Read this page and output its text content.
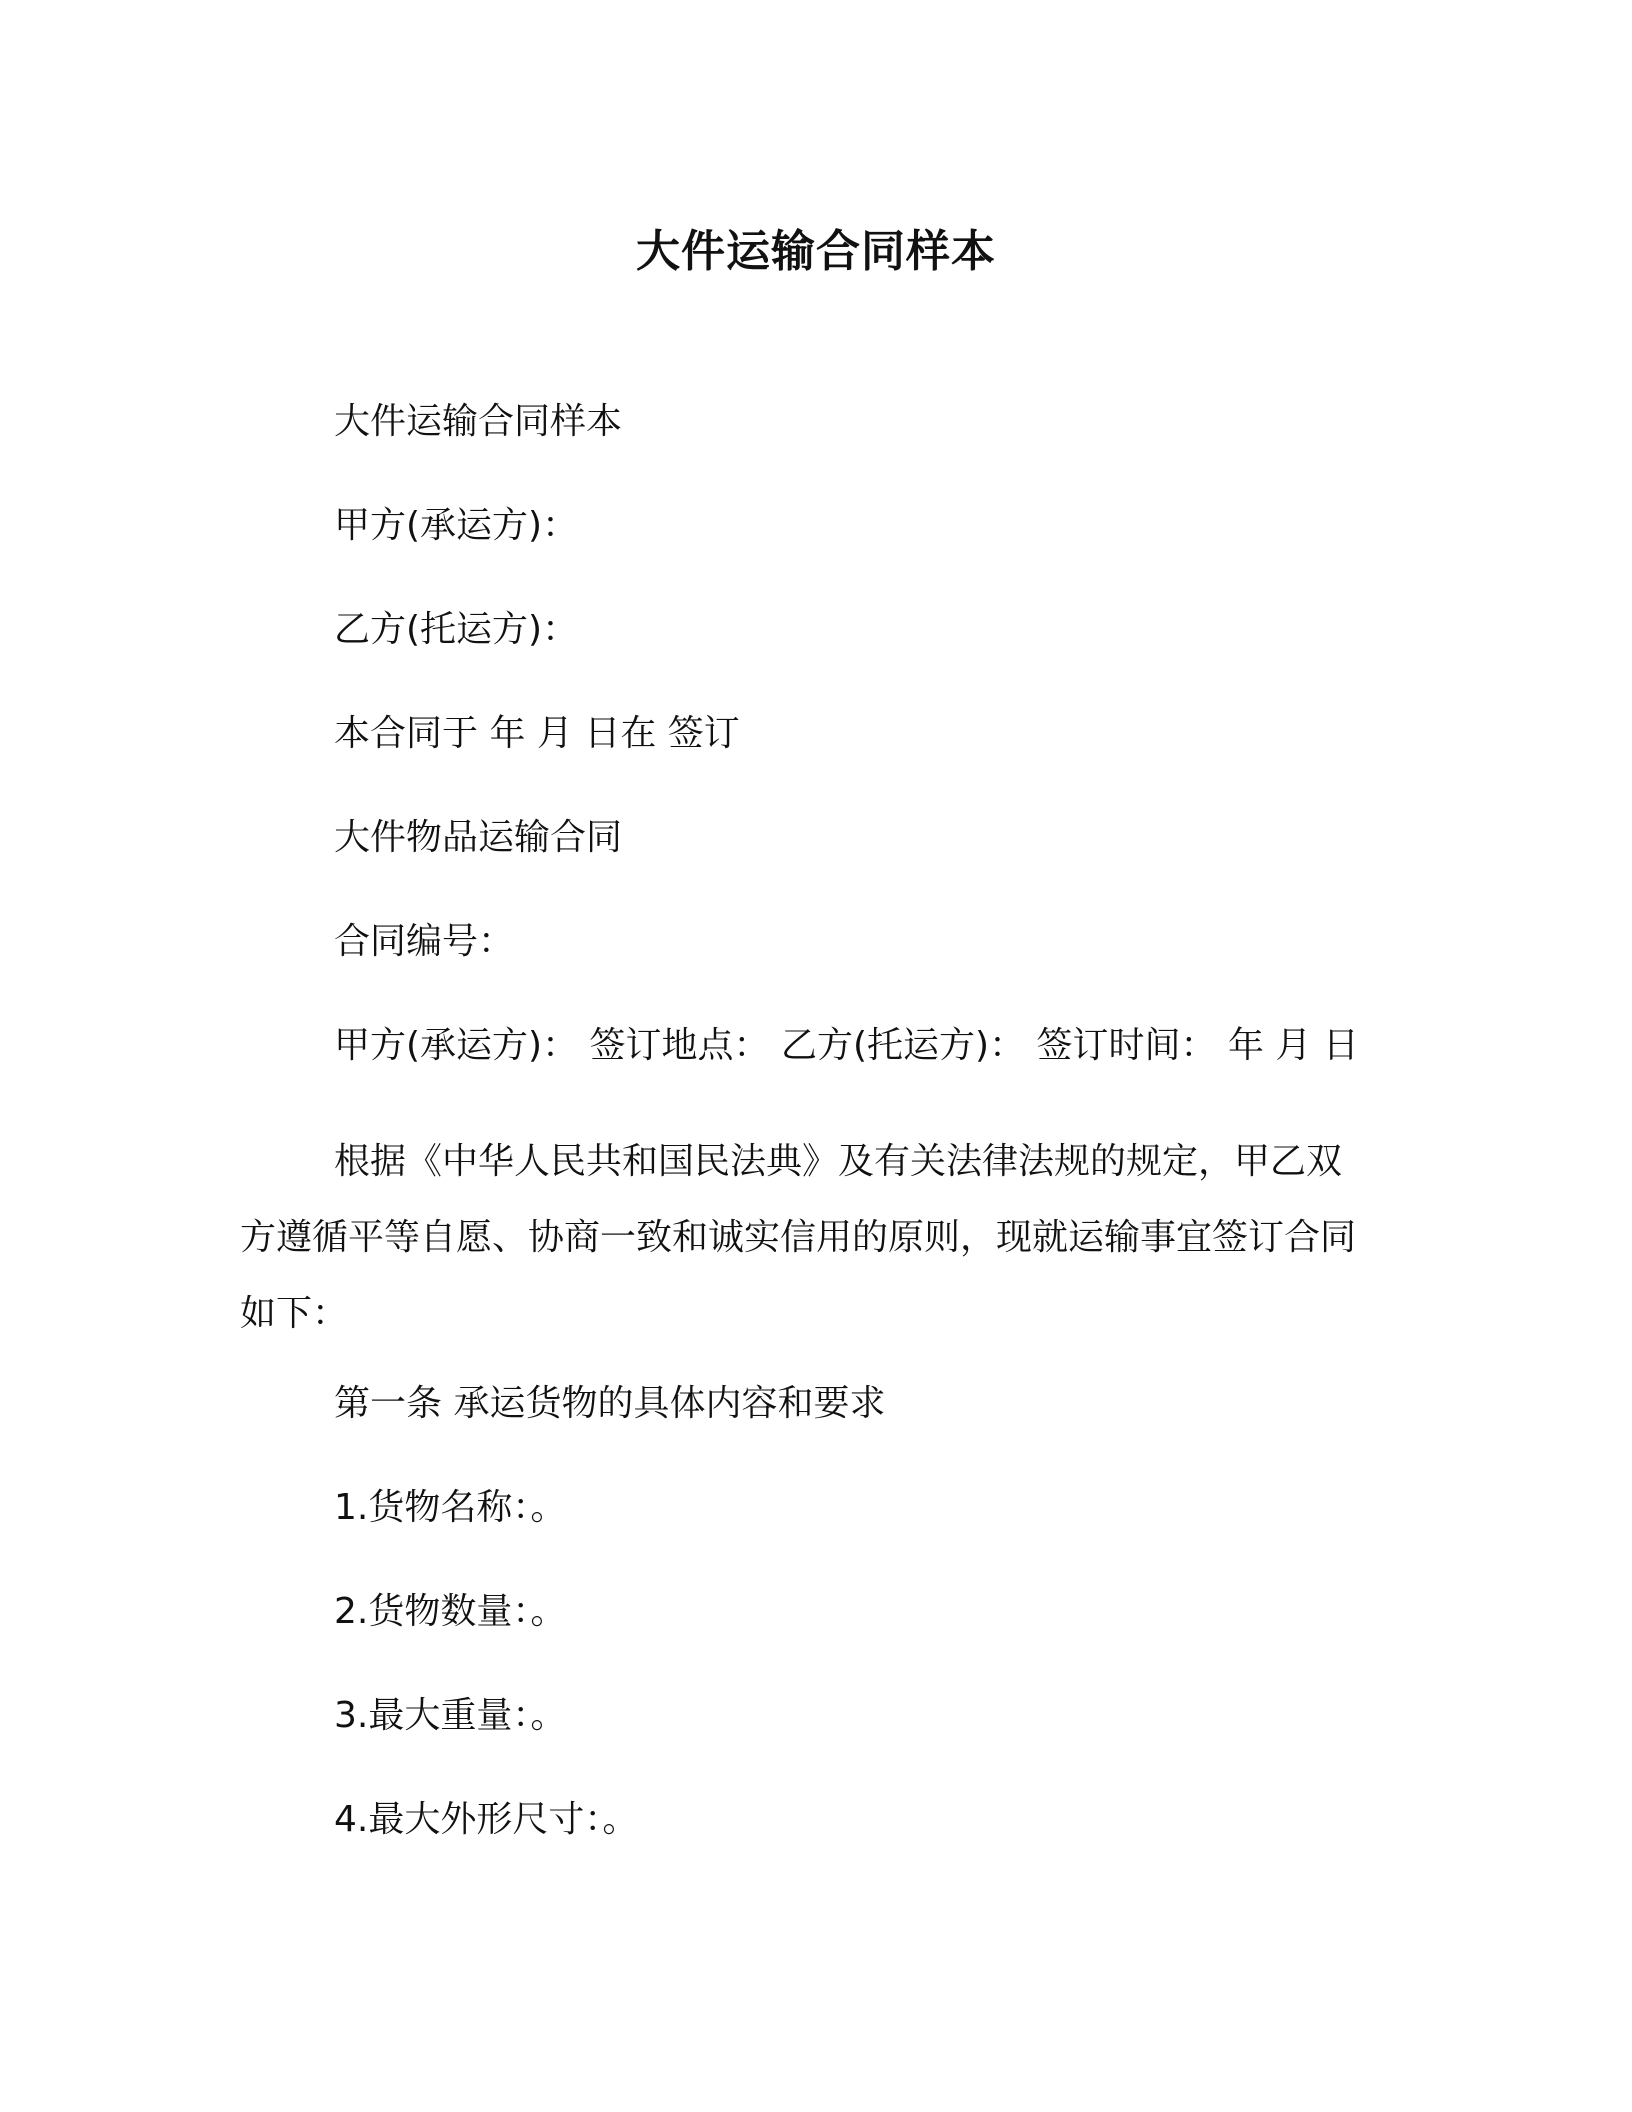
大件运输合同样本
大件运输合同样本
甲方(承运方)：
乙方(托运方)：
本合同于 年 月 日在 签订
大件物品运输合同
合同编号：
甲方(承运方)： 签订地点： 乙方(托运方)： 签订时间： 年 月 日
根据《中华人民共和国民法典》及有关法律法规的规定，甲乙双方遵循平等自愿、协商一致和诚实信用的原则，现就运输事宜签订合同如下：
第一条 承运货物的具体内容和要求
1.货物名称：。
2.货物数量：。
3.最大重量：。
4.最大外形尺寸：。
